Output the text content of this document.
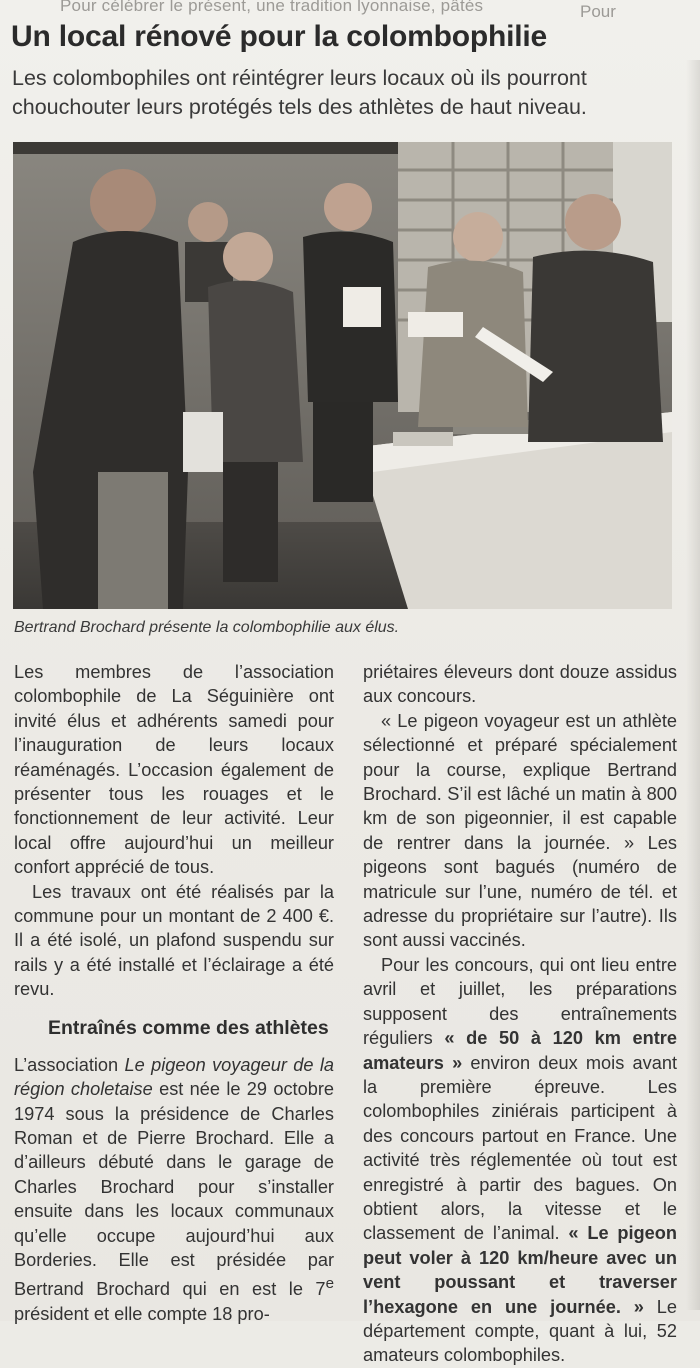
Pour célébrer le présent, une tradition lyonnaise, pâtés	Pour
Un local rénové pour la colombophilie

Les colombophiles ont réintégrer leurs locaux où ils pourront chouchouter leurs protégés tels des athlètes de haut niveau.

Bertrand Brochard présente la colombophilie aux élus.

Les membres de l’association colombophile de La Séguinière ont invité élus et adhérents samedi pour l’inauguration de leurs locaux réaménagés. L’occasion également de présenter tous les rouages et le fonctionnement de leur activité. Leur local offre aujourd’hui un meilleur confort apprécié de tous.

Les travaux ont été réalisés par la commune pour un montant de 2 400 €. Il a été isolé, un plafond suspendu sur rails y a été installé et l’éclairage a été revu.

Entraînés comme des athlètes

L’association Le pigeon voyageur de la région choletaise est née le 29 octobre 1974 sous la présidence de Charles Roman et de Pierre Brochard. Elle a d’ailleurs débuté dans le garage de Charles Brochard pour s’installer ensuite dans les locaux communaux qu’elle occupe aujourd’hui aux Borderies. Elle est présidée par Bertrand Brochard qui en est le 7e président et elle compte 18 pro-

priétaires éleveurs dont douze assidus aux concours.

« Le pigeon voyageur est un athlète sélectionné et préparé spécialement pour la course, explique Bertrand Brochard. S’il est lâché un matin à 800 km de son pigeonnier, il est capable de rentrer dans la journée. » Les pigeons sont bagués (numéro de matricule sur l’une, numéro de tél. et adresse du propriétaire sur l’autre). Ils sont aussi vaccinés.

Pour les concours, qui ont lieu entre avril et juillet, les préparations supposent des entraînements réguliers « de 50 à 120 km entre amateurs » environ deux mois avant la première épreuve. Les colombophiles ziniérais participent à des concours partout en France. Une activité très réglementée où tout est enregistré à partir des bagues. On obtient alors, la vitesse et le classement de l’animal. « Le pigeon peut voler à 120 km/heure avec un vent poussant et traverser l’hexagone en une journée. » Le département compte, quant à lui, 52 amateurs colombophiles.
